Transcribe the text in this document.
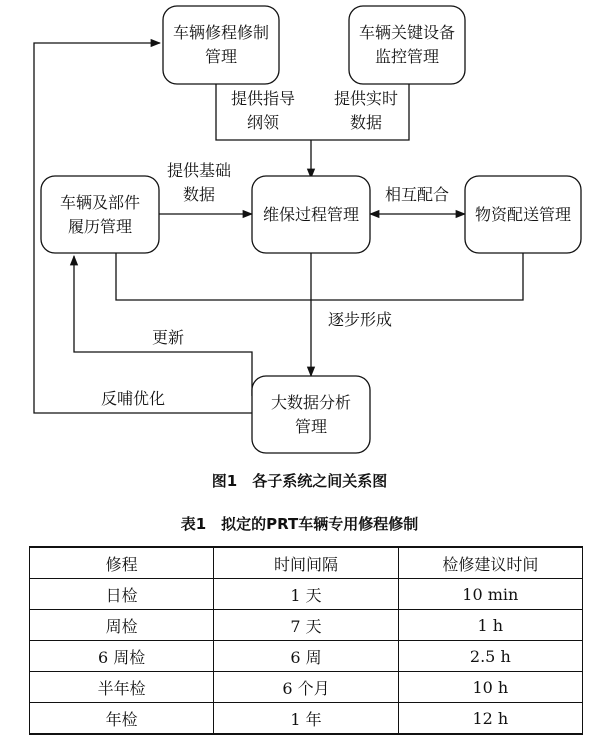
车辆修程修制
管理
车辆关键设备
监控管理
车辆及部件
履历管理
维保过程管理	物资配送管理
大数据分析
管理
提供指导
纲领
提供实时
数据
提供基础
数据	相互配合
逐步形成
更新
反哺优化
图1　各子系统之间关系图
表1　拟定的PRT车辆专用修程修制
修程	时间间隔	检修建议时间
日检	1 天	10 min
周检	7 天	1 h
6 周检	6 周	2.5 h
半年检	6 个月	10 h
年检	1 年	12 h
